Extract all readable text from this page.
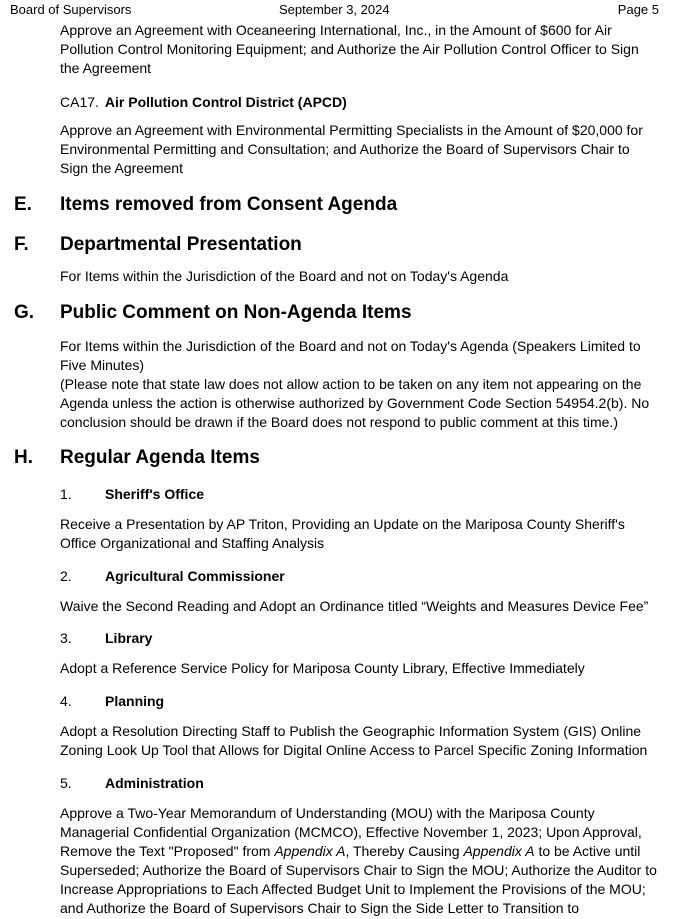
Board of Supervisors	September 3, 2024	Page 5

Approve an Agreement with Oceaneering International, Inc., in the Amount of $600 for Air Pollution Control Monitoring Equipment; and Authorize the Air Pollution Control Officer to Sign the Agreement

CA17. Air Pollution Control District (APCD)

Approve an Agreement with Environmental Permitting Specialists in the Amount of $20,000 for Environmental Permitting and Consultation; and Authorize the Board of Supervisors Chair to Sign the Agreement

E. Items removed from Consent Agenda
F. Departmental Presentation

For Items within the Jurisdiction of the Board and not on Today's Agenda

G. Public Comment on Non-Agenda Items

For Items within the Jurisdiction of the Board and not on Today's Agenda (Speakers Limited to Five Minutes)

(Please note that state law does not allow action to be taken on any item not appearing on the Agenda unless the action is otherwise authorized by Government Code Section 54954.2(b). No conclusion should be drawn if the Board does not respond to public comment at this time.)

H. Regular Agenda Items
1. Sheriff's Office

Receive a Presentation by AP Triton, Providing an Update on the Mariposa County Sheriff's Office Organizational and Staffing Analysis

2. Agricultural Commissioner

Waive the Second Reading and Adopt an Ordinance titled “Weights and Measures Device Fee”

3. Library

Adopt a Reference Service Policy for Mariposa County Library, Effective Immediately

4. Planning

Adopt a Resolution Directing Staff to Publish the Geographic Information System (GIS) Online Zoning Look Up Tool that Allows for Digital Online Access to Parcel Specific Zoning Information

5. Administration

Approve a Two-Year Memorandum of Understanding (MOU) with the Mariposa County Managerial Confidential Organization (MCMCO), Effective November 1, 2023; Upon Approval, Remove the Text "Proposed" from Appendix A, Thereby Causing Appendix A to be Active until Superseded; Authorize the Board of Supervisors Chair to Sign the MOU; Authorize the Auditor to Increase Appropriations to Each Affected Budget Unit to Implement the Provisions of the MOU; and Authorize the Board of Supervisors Chair to Sign the Side Letter to Transition to
